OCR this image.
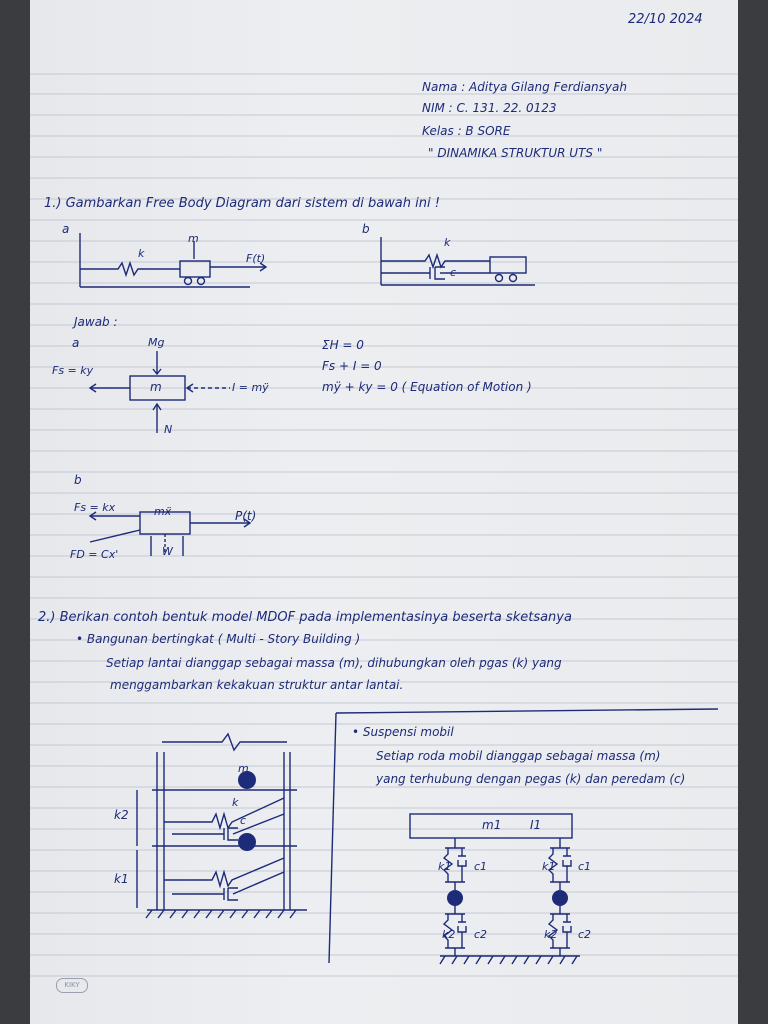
22/10 2024
Nama : Aditya Gilang Ferdiansyah
NIM : C. 131. 22. 0123
Kelas : B SORE
" DINAMIKA STRUKTUR UTS "
1.) Gambarkan Free Body Diagram dari sistem di bawah ini !
a	b
k
m
F(t)
k
c
Jawab :
a	Mg
Fs = ky
m	I = mÿ
N
ΣH = 0
Fs + I = 0
mÿ + ky = 0 ( Equation of Motion )
b
Fs = kx	mẍ	P(t)
FD = Cx'	W
2.) Berikan contoh bentuk model MDOF pada implementasinya beserta sketsanya
• Bangunan bertingkat ( Multi - Story Building )
Setiap lantai dianggap sebagai massa (m), dihubungkan oleh pgas (k) yang
menggambarkan kekakuan struktur antar lantai.
m
k
c
k2
k1
• Suspensi mobil
Setiap roda mobil dianggap sebagai massa (m)
yang terhubung dengan pegas (k) dan peredam (c)
m1 I1
k1 c1	k1 c1
k2 c2	k2 c2
KIKY
